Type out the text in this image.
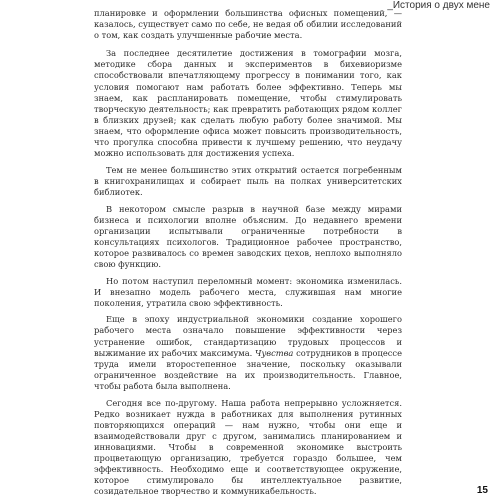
_История о двух мене

планировке и оформлении большинства офисных помещений, — казалось, существует само по себе, не ведая об обилии исследований о том, как создать улучшенные рабочие места.

За последнее десятилетие достижения в томографии мозга, методике сбора данных и экспериментов в бихевиоризме способствовали впечатляющему прогрессу в понимании того, как условия помогают нам работать более эффективно. Теперь мы знаем, как распланировать помещение, чтобы стимулировать творческую деятельность; как превратить работающих рядом коллег в близких друзей; как сделать любую работу более значимой. Мы знаем, что оформление офиса может повысить производительность, что прогулка способна привести к лучшему решению, что неудачу можно использовать для достижения успеха.

Тем не менее большинство этих открытий остается погребенным в книгохранилищах и собирает пыль на полках университетских библиотек.

В некотором смысле разрыв в научной базе между мирами бизнеса и психологии вполне объясним. До недавнего времени организации испытывали ограниченные потребности в консультациях психологов. Традиционное рабочее пространство, которое развивалось со времен заводских цехов, неплохо выполняло свою функцию.

Но потом наступил переломный момент: экономика изменилась. И внезапно модель рабочего места, служившая нам многие поколения, утратила свою эффективность.

Еще в эпоху индустриальной экономики создание хорошего рабочего места означало повышение эффективности через устранение ошибок, стандартизацию трудовых процессов и выжимание их рабочих максимума. Чувства сотрудников в процессе труда имели второстепенное значение, поскольку оказывали ограниченное воздействие на их производительность. Главное, чтобы работа была выполнена.

Сегодня все по-другому. Наша работа непрерывно усложняется. Редко возникает нужда в работниках для выполнения рутинных повторяющихся операций — нам нужно, чтобы они еще и взаимодействовали друг с другом, занимались планированием и инновациями. Чтобы в современной экономике выстроить процветающую организацию, требуется гораздо большее, чем эффективность. Необходимо еще и соответствующее окружение, которое стимулировало бы интеллектуальное развитие, созидательное творчество и коммуникабельность.	15
